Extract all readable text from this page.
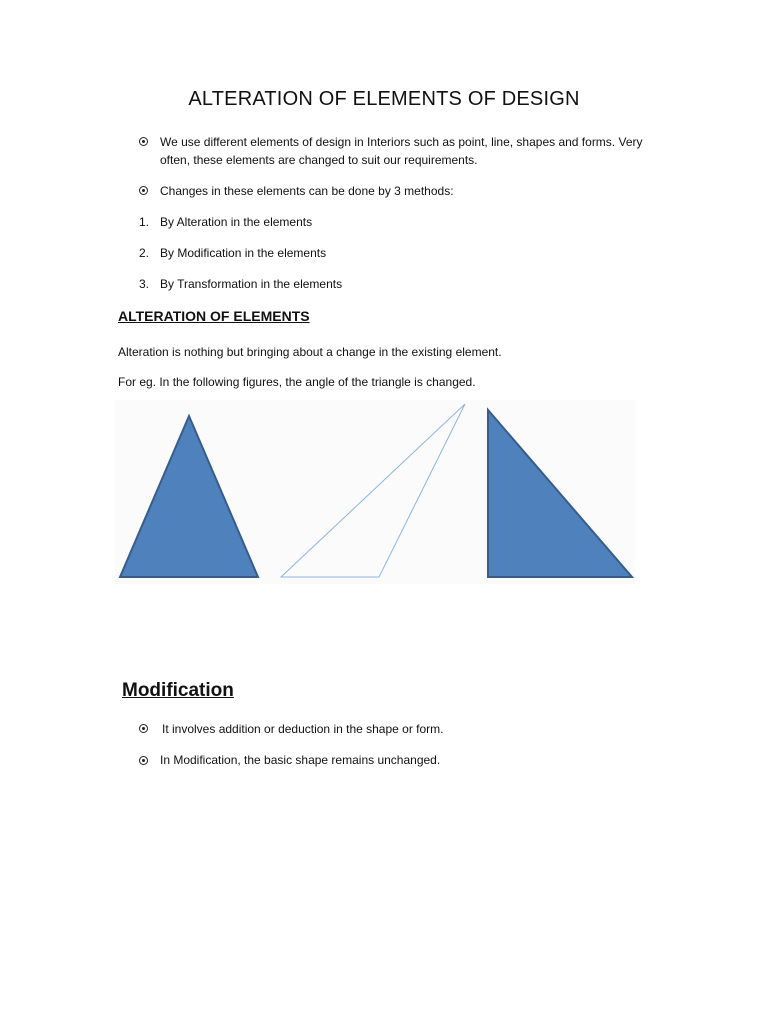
ALTERATION OF ELEMENTS OF DESIGN

We use different elements of design in Interiors such as point, line, shapes and forms. Very

often, these elements are changed to suit our requirements.

Changes in these elements can be done by 3 methods:

1. By Alteration in the elements

2. By Modification in the elements

3. By Transformation in the elements

ALTERATION OF ELEMENTS

Alteration is nothing but bringing about a change in the existing element.

For eg. In the following figures, the angle of the triangle is changed.

Modification

It involves addition or deduction in the shape or form.

In Modification, the basic shape remains unchanged.
